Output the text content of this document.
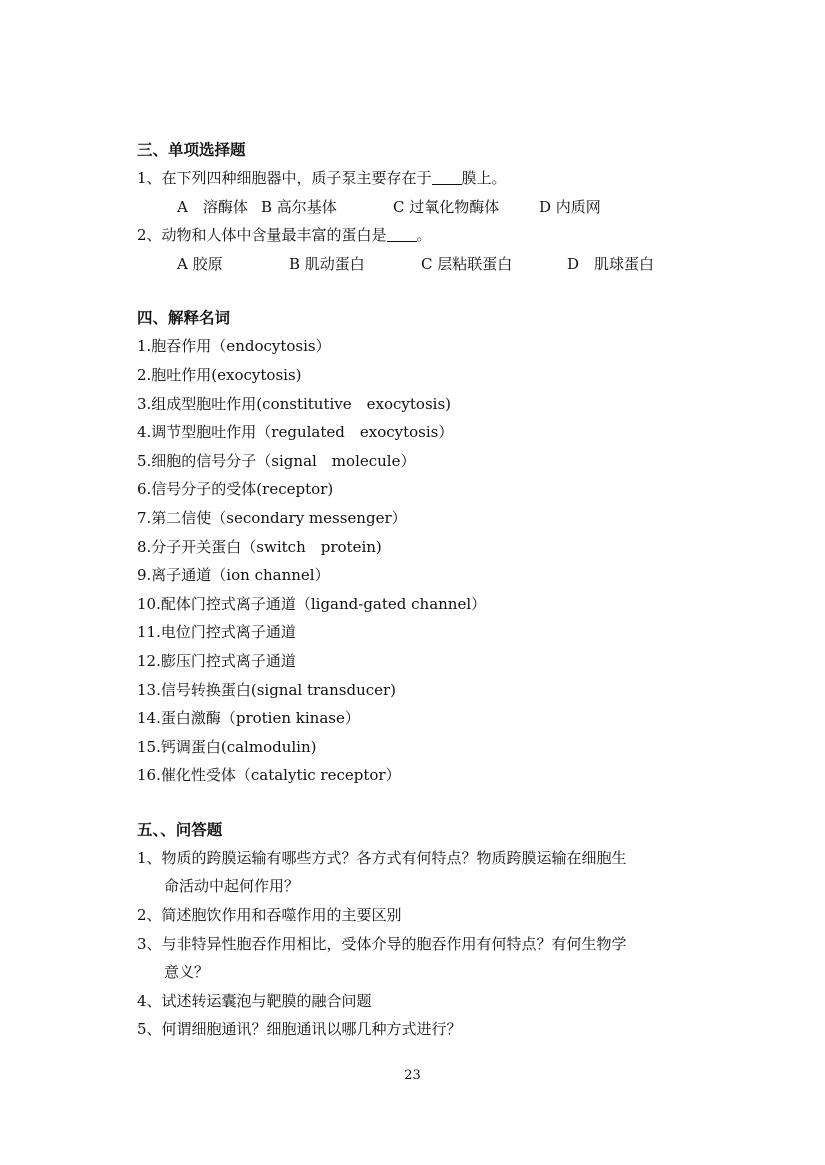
三、单项选择题
1、在下列四种细胞器中，质子泵主要存在于 膜上。
A　溶酶体 B 高尔基体	C 过氧化物酶体	D 内质网
2、动物和人体中含量最丰富的蛋白是 。
A 胶原	B 肌动蛋白	C 层粘联蛋白	D　肌球蛋白
四、解释名词
1.胞吞作用（endocytosis）
2.胞吐作用(exocytosis)
3.组成型胞吐作用(constitutive　exocytosis)
4.调节型胞吐作用（regulated　exocytosis）
5.细胞的信号分子（signal　molecule）
6.信号分子的受体(receptor)
7.第二信使（secondary messenger）
8.分子开关蛋白（switch　protein)
9.离子通道（ion channel）
10.配体门控式离子通道（ligand-gated channel）
11.电位门控式离子通道
12.膨压门控式离子通道
13.信号转换蛋白(signal transducer)
14.蛋白激酶（protien kinase）
15.钙调蛋白(calmodulin)
16.催化性受体（catalytic receptor）
五、、问答题
1、物质的跨膜运输有哪些方式？各方式有何特点？物质跨膜运输在细胞生
命活动中起何作用？
2、简述胞饮作用和吞噬作用的主要区别
3、与非特异性胞吞作用相比，受体介导的胞吞作用有何特点？有何生物学
意义？
4、试述转运囊泡与靶膜的融合问题
5、何谓细胞通讯？细胞通讯以哪几种方式进行？
23
